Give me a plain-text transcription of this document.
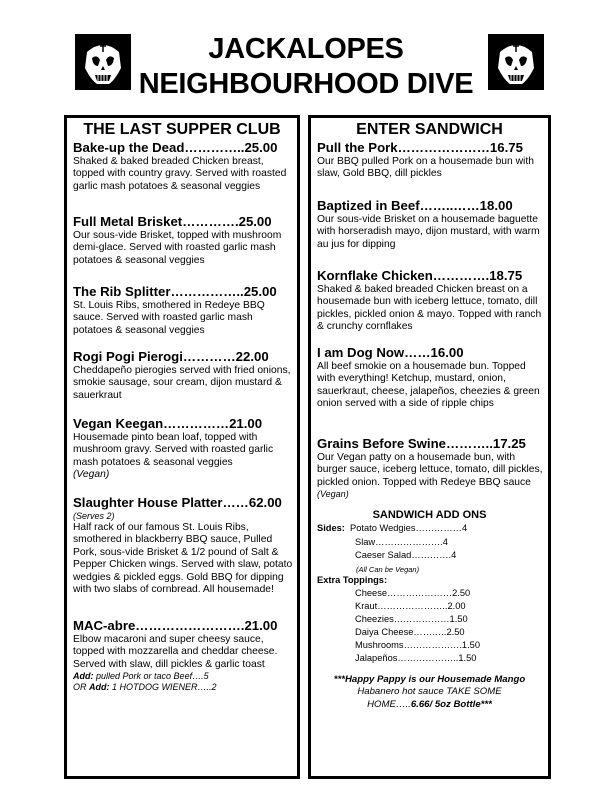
JACKALOPES
NEIGHBOURHOOD DIVE
THE LAST SUPPER CLUB
Bake-up the Dead…………..25.00
Shaked & baked breaded Chicken breast, topped with country gravy. Served with roasted garlic mash potatoes & seasonal veggies
Full Metal Brisket………….25.00
Our sous-vide Brisket, topped with mushroom demi-glace. Served with roasted garlic mash potatoes & seasonal veggies
The Rib Splitter……………..25.00
St. Louis Ribs, smothered in Redeye BBQ sauce. Served with roasted garlic mash potatoes & seasonal veggies
Rogi Pogi Pierogi…………22.00
Cheddapeño pierogies served with fried onions, smokie sausage, sour cream, dijon mustard & sauerkraut
Vegan Keegan……………21.00
Housemade pinto bean loaf, topped with mushroom gravy. Served with roasted garlic mash potatoes & seasonal veggies
(Vegan)
Slaughter House Platter……62.00
(Serves 2)
Half rack of our famous St. Louis Ribs, smothered in blackberry BBQ sauce, Pulled Pork, sous-vide Brisket & 1/2 pound of Salt & Pepper Chicken wings. Served with slaw, potato wedgies & pickled eggs. Gold BBQ for dipping with two slabs of cornbread. All housemade!
MAC-abre…………………….21.00
Elbow macaroni and super cheesy sauce, topped with mozzarella and cheddar cheese. Served with slaw, dill pickles & garlic toast
Add: pulled Pork or taco Beef….5
OR Add: 1 HOTDOG WIENER…..2
ENTER SANDWICH
Pull the Pork…………………16.75
Our BBQ pulled Pork on a housemade bun with slaw, Gold BBQ, dill pickles
Baptized in Beef……..……18.00
Our sous-vide Brisket on a housemade baguette with horseradish mayo, dijon mustard, with warm au jus for dipping
Kornflake Chicken………….18.75
Shaked & baked breaded Chicken breast on a housemade bun with iceberg lettuce, tomato, dill pickles, pickled onion & mayo. Topped with ranch & crunchy cornflakes
I am Dog Now……16.00
All beef smokie on a housemade bun. Topped with everything! Ketchup, mustard, onion, sauerkraut, cheese, jalapeños, cheezies & green onion served with a side of ripple chips
Grains Before Swine………..17.25
Our Vegan patty on a housemade bun, with burger sauce, iceberg lettuce, tomato, dill pickles, pickled onion. Topped with Redeye BBQ sauce
(Vegan)
SANDWICH ADD ONS
Sides: Potato Wedgies……………4
Slaw………………….4
Caeser Salad………….4
(All Can be Vegan)
Extra Toppings:
Cheese…………………2.50
Kraut…………………..2.00
Cheezies………………1.50
Daiya Cheese………..2.50
Mushrooms……………….1.50
Jalapeños………………..1.50
***Happy Pappy is our Housemade Mango
Habanero hot sauce TAKE SOME
HOME…..6.66/ 5oz Bottle***
